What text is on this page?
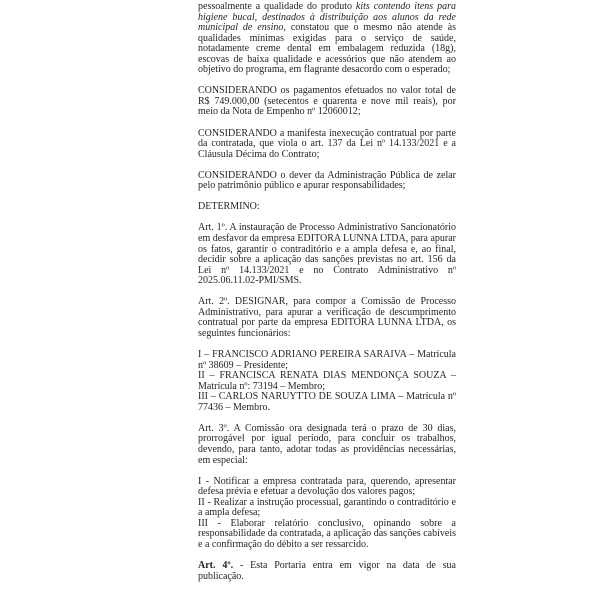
pessoalmente a qualidade do produto kits contendo itens para higiene bucal, destinados à distribuição aos alunos da rede municipal de ensino, constatou que o mesmo não atende às qualidades mínimas exigidas para o serviço de saúde, notadamente creme dental em embalagem reduzida (18g), escovas de baixa qualidade e acessórios que não atendem ao objetivo do programa, em flagrante desacordo com o esperado;

CONSIDERANDO os pagamentos efetuados no valor total de R$ 749.000,00 (setecentos e quarenta e nove mil reais), por meio da Nota de Empenho nº 12060012;

CONSIDERANDO a manifesta inexecução contratual por parte da contratada, que viola o art. 137 da Lei nº 14.133/2021 e a Cláusula Décima do Contrato;

CONSIDERANDO o dever da Administração Pública de zelar pelo patrimônio público e apurar responsabilidades;

DETERMINO:

Art. 1º. A instauração de Processo Administrativo Sancionatório em desfavor da empresa EDITORA LUNNA LTDA, para apurar os fatos, garantir o contraditório e a ampla defesa e, ao final, decidir sobre a aplicação das sanções previstas no art. 156 da Lei nº 14.133/2021 e no Contrato Administrativo nº 2025.06.11.02-PMI/SMS.

Art. 2º. DESIGNAR, para compor a Comissão de Processo Administrativo, para apurar a verificação de descumprimento contratual por parte da empresa EDITORA LUNNA LTDA, os seguintes funcionários:

I – FRANCISCO ADRIANO PEREIRA SARAIVA – Matrícula nº 38609 – Presidente;

II – FRANCISCA RENATA DIAS MENDONÇA SOUZA – Matrícula nº: 73194 – Membro;

III – CARLOS NARUYTTO DE SOUZA LIMA – Matrícula nº 77436 – Membro.

Art. 3º. A Comissão ora designada terá o prazo de 30 dias, prorrogável por igual período, para concluir os trabalhos, devendo, para tanto, adotar todas as providências necessárias, em especial:

I - Notificar a empresa contratada para, querendo, apresentar defesa prévia e efetuar a devolução dos valores pagos;

II - Realizar a instrução processual, garantindo o contraditório e a ampla defesa;

III - Elaborar relatório conclusivo, opinando sobre a responsabilidade da contratada, a aplicação das sanções cabíveis e a confirmação do débito a ser ressarcido.

Art. 4º. - Esta Portaria entra em vigor na data de sua publicação.
